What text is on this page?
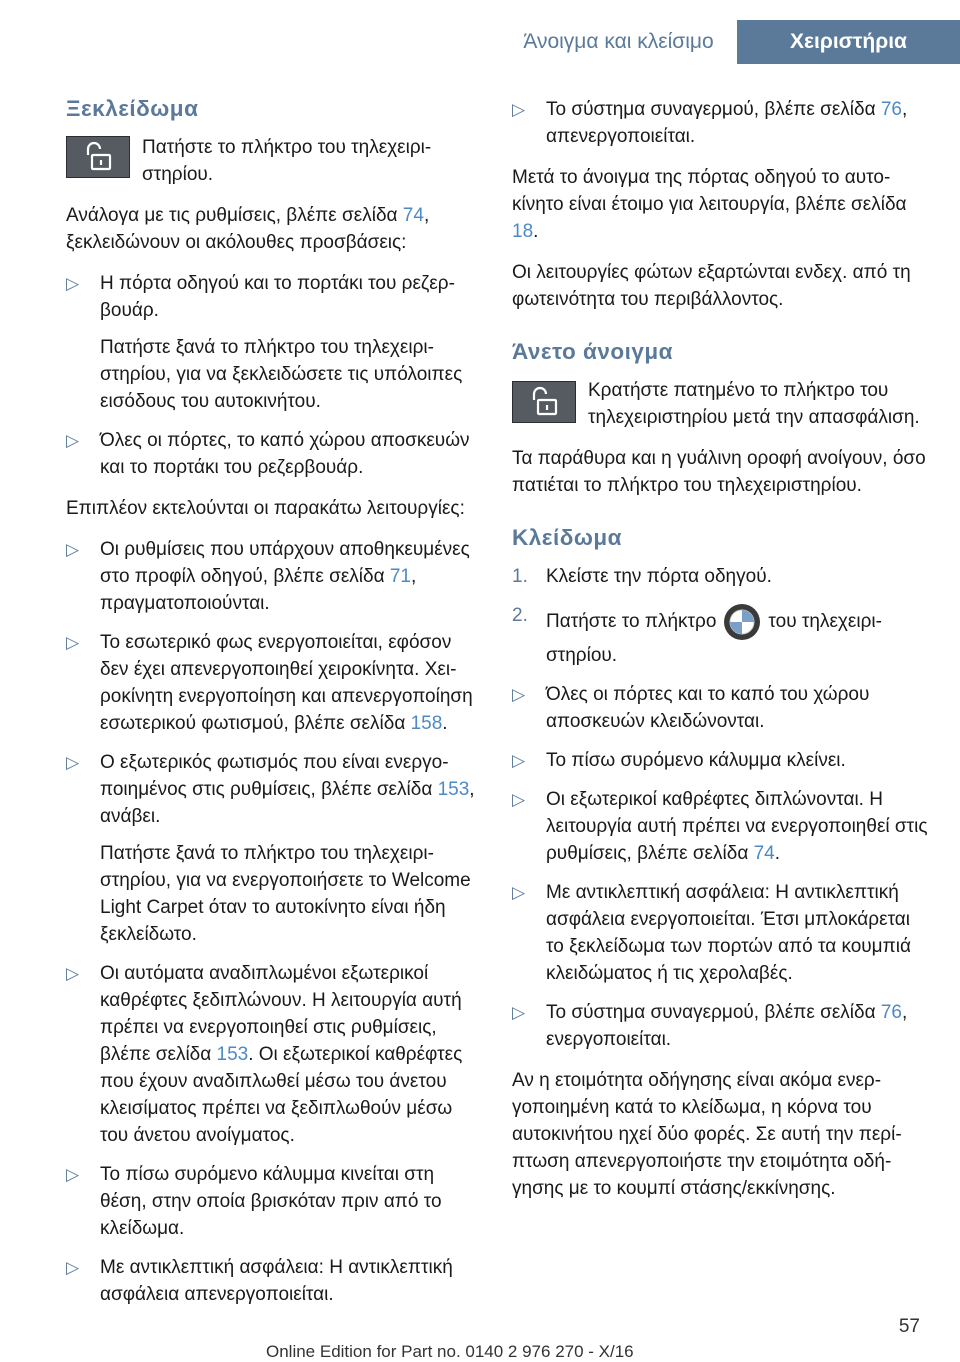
Άνοιγμα και κλείσιμο	Χειριστήρια
Ξεκλείδωμα

Πατήστε το πλήκτρο του τηλεχειριστηρίου.

Ανάλογα με τις ρυθμίσεις, βλέπε σελίδα 74, ξεκλειδώνουν οι ακόλουθες προσβάσεις:

▷ Η πόρτα οδηγού και το πορτάκι του ρεζερβουάρ.

Πατήστε ξανά το πλήκτρο του τηλεχειριστηρίου, για να ξεκλειδώσετε τις υπόλοιπες εισόδους του αυτοκινήτου.

▷ Όλες οι πόρτες, το καπό χώρου αποσκευών και το πορτάκι του ρεζερβουάρ.

Επιπλέον εκτελούνται οι παρακάτω λειτουργίες:

▷ Οι ρυθμίσεις που υπάρχουν αποθηκευμένες στο προφίλ οδηγού, βλέπε σελίδα 71, πραγματοποιούνται.
▷ Το εσωτερικό φως ενεργοποιείται, εφόσον δεν έχει απενεργοποιηθεί χειροκίνητα. Χειροκίνητη ενεργοποίηση και απενεργοποίηση εσωτερικού φωτισμού, βλέπε σελίδα 158.
▷ Ο εξωτερικός φωτισμός που είναι ενεργοποιημένος στις ρυθμίσεις, βλέπε σελίδα 153, ανάβει.

Πατήστε ξανά το πλήκτρο του τηλεχειριστηρίου, για να ενεργοποιήσετε το Welcome Light Carpet όταν το αυτοκίνητο είναι ήδη ξεκλείδωτο.

▷ Οι αυτόματα αναδιπλωμένοι εξωτερικοί καθρέφτες ξεδιπλώνουν. Η λειτουργία αυτή πρέπει να ενεργοποιηθεί στις ρυθμίσεις, βλέπε σελίδα 153. Οι εξωτερικοί καθρέφτες που έχουν αναδιπλωθεί μέσω του άνετου κλεισίματος πρέπει να ξεδιπλωθούν μέσω του άνετου ανοίγματος.
▷ Το πίσω συρόμενο κάλυμμα κινείται στη θέση, στην οποία βρισκόταν πριν από το κλείδωμα.
▷ Με αντικλεπτική ασφάλεια: Η αντικλεπτική ασφάλεια απενεργοποιείται.
▷ Το σύστημα συναγερμού, βλέπε σελίδα 76, απενεργοποιείται.

Μετά το άνοιγμα της πόρτας οδηγού το αυτοκίνητο είναι έτοιμο για λειτουργία, βλέπε σελίδα 18.

Οι λειτουργίες φώτων εξαρτώνται ενδεχ. από τη φωτεινότητα του περιβάλλοντος.

Άνετο άνοιγμα

Κρατήστε πατημένο το πλήκτρο του τηλεχειριστηρίου μετά την απασφάλιση.

Τα παράθυρα και η γυάλινη οροφή ανοίγουν, όσο πατιέται το πλήκτρο του τηλεχειριστηρίου.

Κλείδωμα
1. Κλείστε την πόρτα οδηγού.
2. Πατήστε το πλήκτρο	του τηλεχειριστηρίου.
▷ Όλες οι πόρτες και το καπό του χώρου αποσκευών κλειδώνονται.
▷ Το πίσω συρόμενο κάλυμμα κλείνει.
▷ Οι εξωτερικοί καθρέφτες διπλώνονται. Η λειτουργία αυτή πρέπει να ενεργοποιηθεί στις ρυθμίσεις, βλέπε σελίδα 74.
▷ Με αντικλεπτική ασφάλεια: Η αντικλεπτική ασφάλεια ενεργοποιείται. Έτσι μπλοκάρεται το ξεκλείδωμα των πορτών από τα κουμπιά κλειδώματος ή τις χερολαβές.
▷ Το σύστημα συναγερμού, βλέπε σελίδα 76, ενεργοποιείται.

Αν η ετοιμότητα οδήγησης είναι ακόμα ενεργοποιημένη κατά το κλείδωμα, η κόρνα του αυτοκινήτου ηχεί δύο φορές. Σε αυτή την περίπτωση απενεργοποιήστε την ετοιμότητα οδήγησης με το κουμπί στάσης/εκκίνησης.

57
Online Edition for Part no. 0140 2 976 270 - X/16
